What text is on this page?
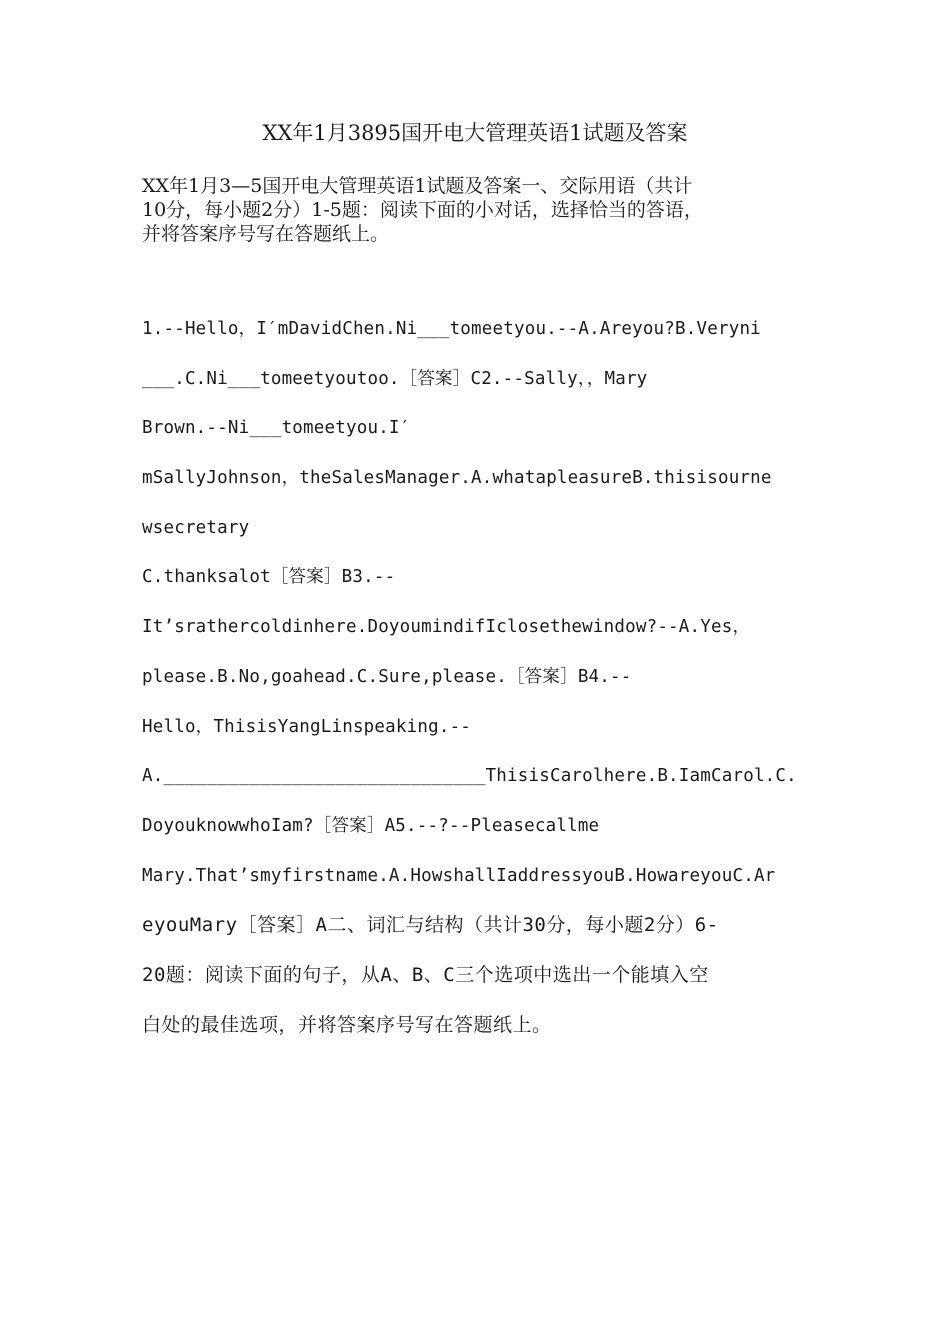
XX年1月3895国开电大管理英语1试题及答案
XX年1月3—5国开电大管理英语1试题及答案一、交际用语（共计
10分，每小题2分）1-5题：阅读下面的小对话，选择恰当的答语，
并将答案序号写在答题纸上。
1.--Hello，I′mDavidChen.Ni___tomeetyou.--A.Areyou?B.Veryni
___.C.Ni___tomeetyoutoo.［答案］C2.--Sally，，Mary
Brown.--Ni___tomeetyou.I′
mSallyJohnson，theSalesManager.A.whatapleasureB.thisisourne
wsecretary
C.thanksalot［答案］B3.--
It’srathercoldinhere.DoyoumindifIclosethewindow?--A.Yes，
please.B.No,goahead.C.Sure,please.［答案］B4.--
Hello，ThisisYangLinspeaking.--
A.______________________________ThisisCarolhere.B.IamCarol.C.
DoyouknowwhoIam?［答案］A5.--?--Pleasecallme
Mary.That’smyfirstname.A.HowshallIaddressyouB.HowareyouC.Ar
eyouMary［答案］A二、词汇与结构（共计30分，每小题2分）6-
20题：阅读下面的句子，从A、B、C三个选项中选出一个能填入空
白处的最佳选项，并将答案序号写在答题纸上。
